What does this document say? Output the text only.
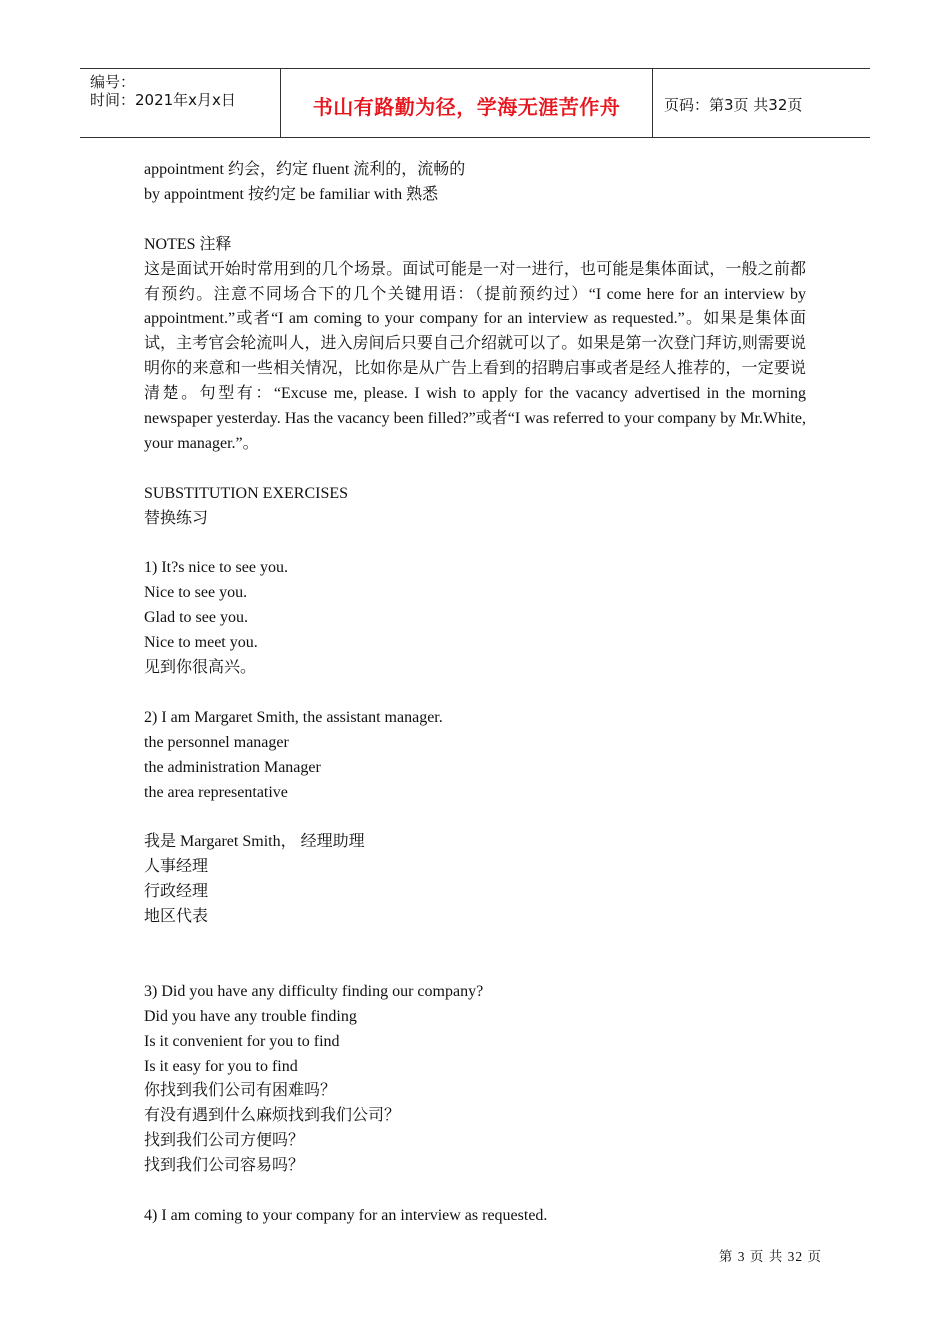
编号：
时间：2021年x月x日	书山有路勤为径，学海无涯苦作舟	页码：第3页 共32页

appointment 约会，约定 fluent 流利的，流畅的

by appointment 按约定 be familiar with 熟悉

NOTES 注释

这是面试开始时常用到的几个场景。面试可能是一对一进行，也可能是集体面试，一般之前都有预约。注意不同场合下的几个关键用语：（提前预约过）“I come here for an interview by appointment.”或者“I am coming to your company for an interview as requested.”。如果是集体面试，主考官会轮流叫人，进入房间后只要自己介绍就可以了。如果是第一次登门拜访,则需要说明你的来意和一些相关情况，比如你是从广告上看到的招聘启事或者是经人推荐的，一定要说清楚。句型有：“Excuse me, please. I wish to apply for the vacancy advertised in the morning newspaper yesterday. Has the vacancy been filled?”或者“I was referred to your company by Mr.White, your manager.”。

SUBSTITUTION EXERCISES

替换练习

1) It?s nice to see you.

Nice to see you.

Glad to see you.

Nice to meet you.

见到你很高兴。

2) I am Margaret Smith, the assistant manager.

the personnel manager

the administration Manager

the area representative

我是 Margaret Smith， 经理助理

人事经理

行政经理

地区代表

3) Did you have any difficulty finding our company?

Did you have any trouble finding

Is it convenient for you to find

Is it easy for you to find

你找到我们公司有困难吗？

有没有遇到什么麻烦找到我们公司？

找到我们公司方便吗？

找到我们公司容易吗？

4) I am coming to your company for an interview as requested.

第 3 页 共 32 页
